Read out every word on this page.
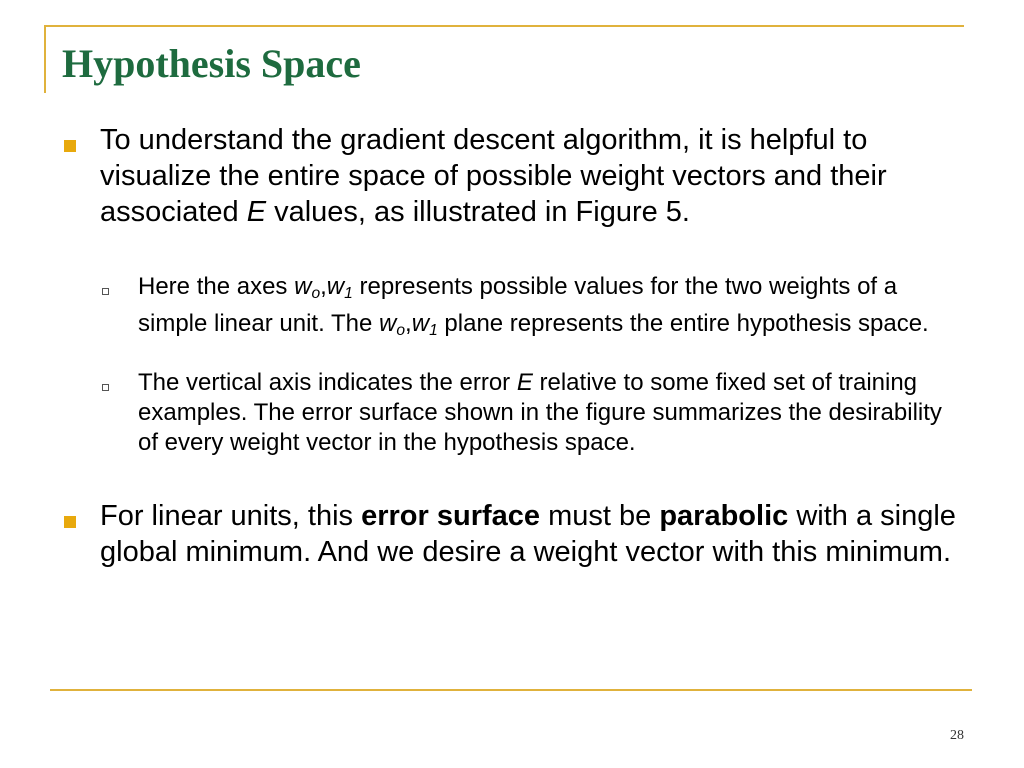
Hypothesis Space

To understand the gradient descent algorithm, it is helpful to visualize the entire space of possible weight vectors and their associated E values, as illustrated in Figure 5.

Here the axes $w_o,w_1$ represents possible values for the two weights of a simple linear unit. The $w_o,w_1$ plane represents the entire hypothesis space.

The vertical axis indicates the error E relative to some fixed set of training examples. The error surface shown in the figure summarizes the desirability of every weight vector in the hypothesis space.

For linear units, this error surface must be parabolic with a single global minimum. And we desire a weight vector with this minimum.

28
